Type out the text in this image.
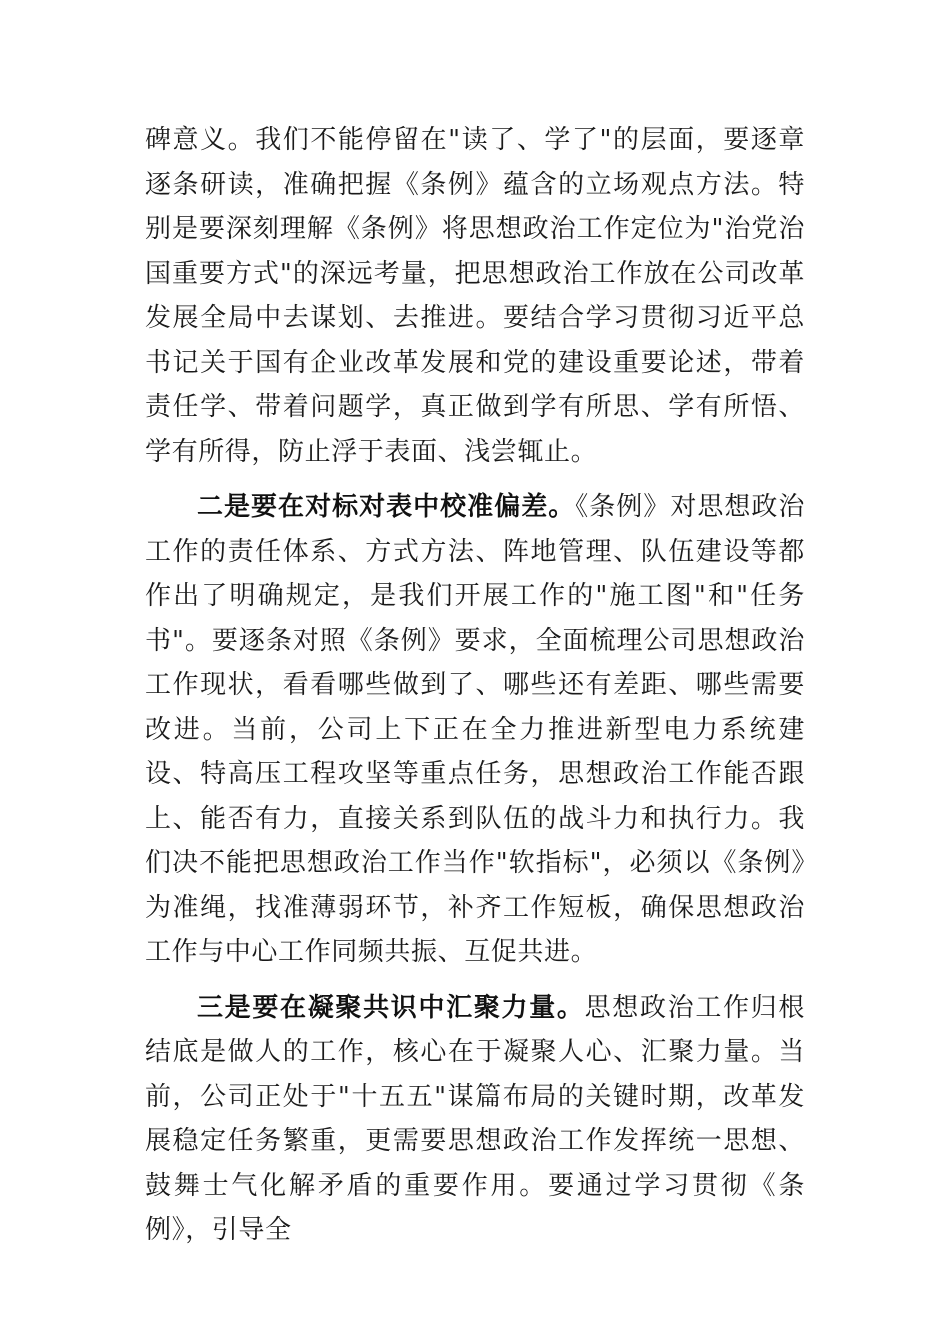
碑意义。我们不能停留在"读了、学了"的层面，要逐章逐条研读，准确把握《条例》蕴含的立场观点方法。特别是要深刻理解《条例》将思想政治工作定位为"治党治国重要方式"的深远考量，把思想政治工作放在公司改革发展全局中去谋划、去推进。要结合学习贯彻习近平总书记关于国有企业改革发展和党的建设重要论述，带着责任学、带着问题学，真正做到学有所思、学有所悟、学有所得，防止浮于表面、浅尝辄止。

二是要在对标对表中校准偏差。《条例》对思想政治工作的责任体系、方式方法、阵地管理、队伍建设等都作出了明确规定，是我们开展工作的"施工图"和"任务书"。要逐条对照《条例》要求，全面梳理公司思想政治工作现状，看看哪些做到了、哪些还有差距、哪些需要改进。当前，公司上下正在全力推进新型电力系统建设、特高压工程攻坚等重点任务，思想政治工作能否跟上、能否有力，直接关系到队伍的战斗力和执行力。我们决不能把思想政治工作当作"软指标"，必须以《条例》为准绳，找准薄弱环节，补齐工作短板，确保思想政治工作与中心工作同频共振、互促共进。

三是要在凝聚共识中汇聚力量。思想政治工作归根结底是做人的工作，核心在于凝聚人心、汇聚力量。当前，公司正处于"十五五"谋篇布局的关键时期，改革发展稳定任务繁重，更需要思想政治工作发挥统一思想、鼓舞士气化解矛盾的重要作用。要通过学习贯彻《条例》，引导全
